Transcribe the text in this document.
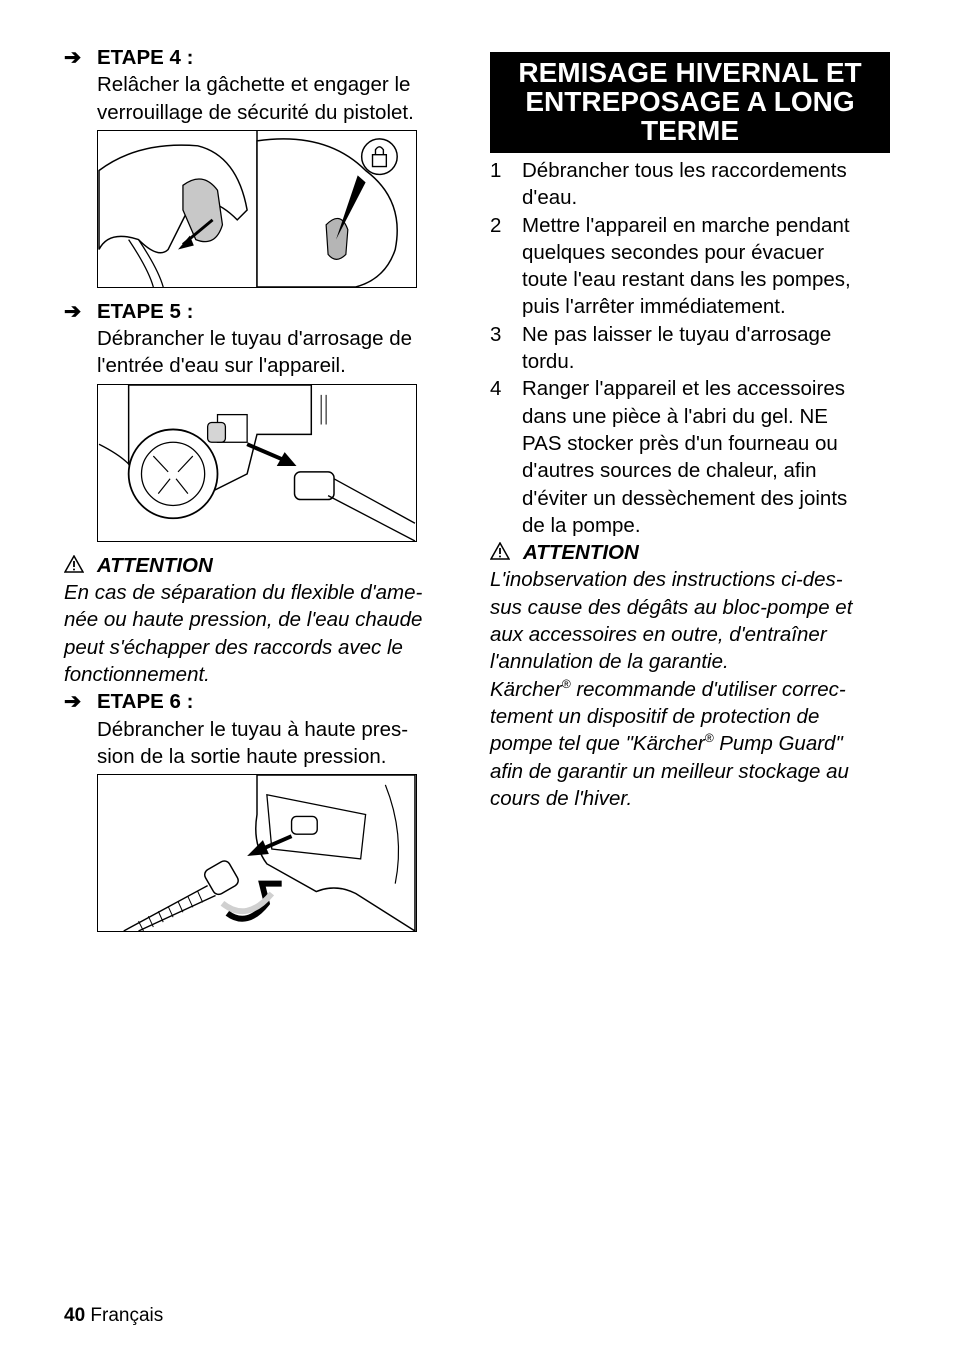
➔ ETAPE 4 :
Relâcher la gâchette et engager le
verrouillage de sécurité du pistolet.
➔ ETAPE 5 :
Débrancher le tuyau d'arrosage de
l'entrée d'eau sur l'appareil.
ATTENTION
En cas de séparation du flexible d'ame-
née ou haute pression, de l'eau chaude
peut s'échapper des raccords avec le
fonctionnement.
➔ ETAPE 6 :
Débrancher le tuyau à haute pres-
sion de la sortie haute pression.
REMISAGE HIVERNAL ET
ENTREPOSAGE A LONG
TERME
1 Débrancher tous les raccordements
d'eau.
2 Mettre l'appareil en marche pendant
quelques secondes pour évacuer
toute l'eau restant dans les pompes,
puis l'arrêter immédiatement.
3 Ne pas laisser le tuyau d'arrosage
tordu.
4 Ranger l'appareil et les accessoires
dans une pièce à l'abri du gel. NE
PAS stocker près d'un fourneau ou
d'autres sources de chaleur, afin
d'éviter un dessèchement des joints
de la pompe.
ATTENTION
L'inobservation des instructions ci-des-
sus cause des dégâts au bloc-pompe et
aux accessoires en outre, d'entraîner
l'annulation de la garantie.
Kärcher® recommande d'utiliser correc-
tement un dispositif de protection de
pompe tel que "Kärcher® Pump Guard"
afin de garantir un meilleur stockage au
cours de l'hiver.
40 Français
